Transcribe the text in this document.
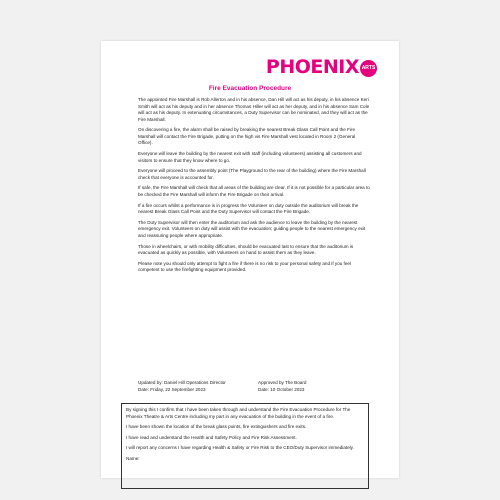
PHOENIX ARTS
Fire Evacuation Procedure

The appointed Fire Marshall is Rob Allerton and in his absence, Dan Hill will act as his deputy, in his absence Keri Smith will act as his deputy and in her absence Thomas Hiller will act as her deputy, and in his absence Sam Cole will act as his deputy. In extenuating circumstances, a Duty Supervisor can be nominated, and they will act as the Fire Marshall.

On discovering a fire, the alarm shall be raised by breaking the nearest Break Glass Call Point and the Fire Marshall will contact the Fire Brigade, putting on the high vis Fire Marshall vest located in Room 2 (General Office).

Everyone will leave the building by the nearest exit with staff (including volunteers) assisting all customers and visitors to ensure that they know where to go.

Everyone will proceed to the assembly point (The Playground to the rear of the building) where the Fire Marshall check that everyone is accounted for.

If safe, the Fire Marshall will check that all areas of the building are clear. If it is not possible for a particular area to be checked the Fire Marshall will inform the Fire Brigade on their arrival.

If a fire occurs whilst a performance is in progress the Volunteer on duty outside the auditorium will break the nearest Break Glass Call Point and the Duty Supervisor will contact the Fire Brigade.

The Duty Supervisor will then enter the auditorium and ask the audience to leave the building by the nearest emergency exit. Volunteers on duty will assist with the evacuation; guiding people to the nearest emergency exit and reassuring people where appropriate.

Those in wheelchairs, or with mobility difficulties, should be evacuated last to ensure that the auditorium is evacuated as quickly as possible, with Volunteers on hand to assist them as they leave.

Please note you should only attempt to fight a fire if there is no risk to your personal safety and if you feel competent to use the firefighting equipment provided.

Updated by: Daniel Hill Operations Director
Date: Friday, 22 September 2023
Approved by The Board
Date: 10 October 2023

By signing this I confirm that I have been taken through and understand the Fire Evacuation Procedure for The Phoenix Theatre & Arts Centre including my part in any evacuation of the building in the event of a fire.

I have been shown the location of the break glass points, fire extinguishers and fire exits.

I have read and understand the Health and Safety Policy and Fire Risk Assessment.

I will report any concerns I have regarding Health & Safety or Fire Risk to the CEO/Duty Supervisor immediately.

Name:
